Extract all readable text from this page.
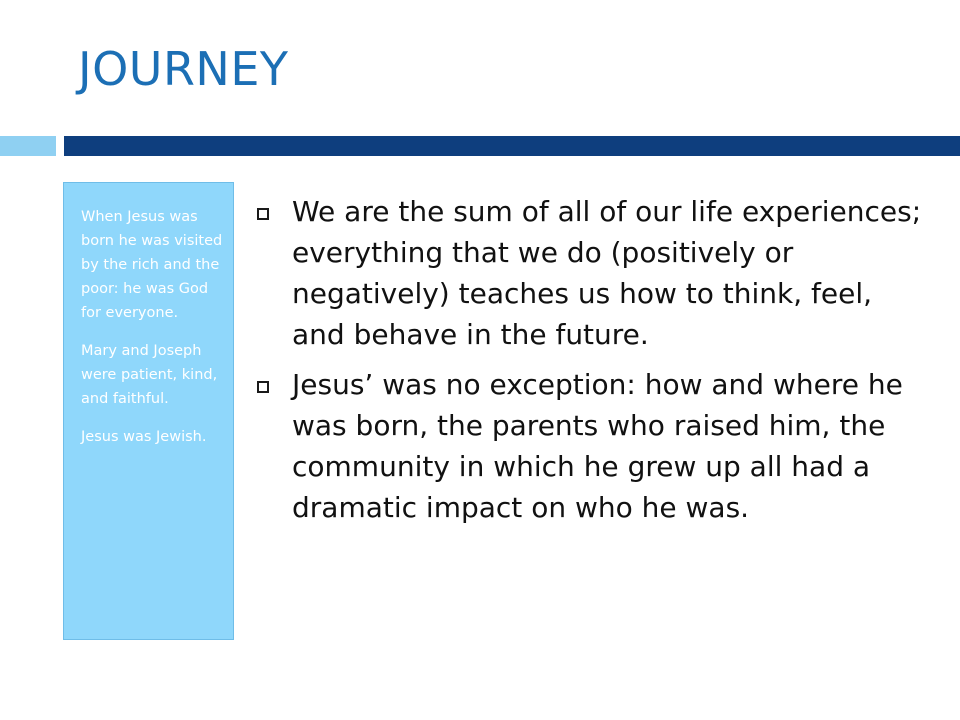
JOURNEY

When Jesus was born he was visited by the rich and the poor: he was God for everyone.

Mary and Joseph were patient, kind, and faithful.

Jesus was Jewish.

We are the sum of all of our life experiences; everything that we do (positively or negatively) teaches us how to think, feel, and behave in the future.
Jesus’ was no exception: how and where he was born, the parents who raised him, the community in which he grew up all had a dramatic impact on who he was.
